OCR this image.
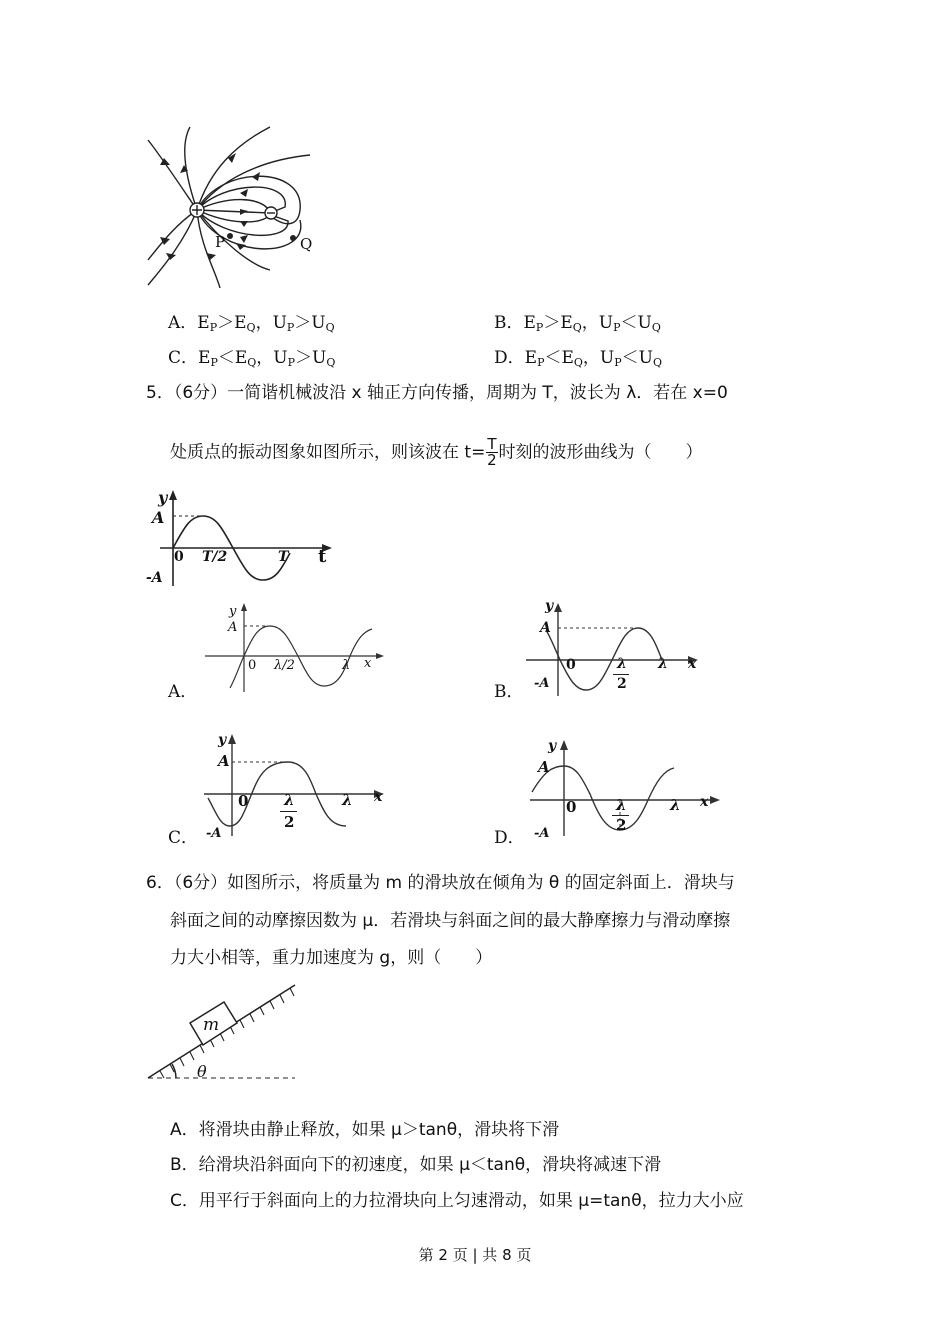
P	Q
A．$E_P>E_Q$，$U_P>U_Q$	B．$E_P>E_Q$，$U_P<U_Q$
C．$E_P<E_Q$，$U_P>U_Q$	D．$E_P<E_Q$，$U_P<U_Q$
5．（6分）一简谐机械波沿 x 轴正方向传播，周期为 T，波长为 λ．若在 x=0
处质点的振动图象如图所示，则该波在 $t= \frac{T}{2}$ 时刻的波形曲线为（　　）
y
A
-A
0 T/2	T t
y
A
0 λ/2	λ x
A．
y
A
-A
0	λ
2
λ x
B．
y
A
-A
0 λ
2
λ x
C．
y
A
-A
0	λ
2
λ x
D．
6．（6分）如图所示，将质量为 m 的滑块放在倾角为 θ 的固定斜面上．滑块与
斜面之间的动摩擦因数为 μ．若滑块与斜面之间的最大静摩擦力与滑动摩擦
力大小相等，重力加速度为 g，则（　　）
m
θ
A．将滑块由静止释放，如果 μ＞tanθ，滑块将下滑
B．给滑块沿斜面向下的初速度，如果 μ＜tanθ，滑块将减速下滑
C．用平行于斜面向上的力拉滑块向上匀速滑动，如果 μ=tanθ，拉力大小应
第 2 页 | 共 8 页
